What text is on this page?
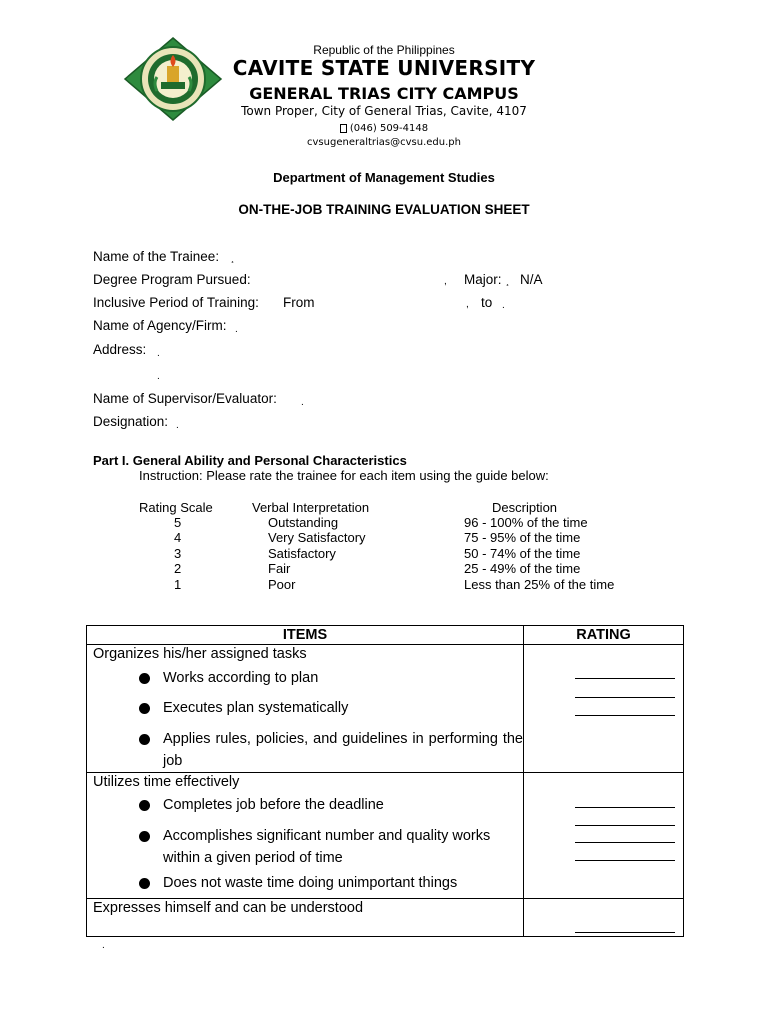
Republic of the Philippines
CAVITE STATE UNIVERSITY
GENERAL TRIAS CITY CAMPUS
Town Proper, City of General Trias, Cavite, 4107
(046) 509-4148
cvsugeneraltrias@cvsu.edu.ph
Department of Management Studies
ON-THE-JOB TRAINING EVALUATION SHEET
Name of the Trainee: ¸
Degree Program Pursued:	, Major: ¸ N/A
Inclusive Period of Training: From	, to .
Name of Agency/Firm: .
Address: .
.
Name of Supervisor/Evaluator: .
Designation: .
Part I. General Ability and Personal Characteristics
Instruction: Please rate the trainee for each item using the guide below:
Rating Scale	Verbal Interpretation	Description
5	Outstanding	96 - 100% of the time
4	Very Satisfactory	75 - 95% of the time
3	Satisfactory	50 - 74% of the time
2	Fair	25 - 49% of the time
1	Poor	Less than 25% of the time
ITEMS	RATING

Organizes his/her assigned tasks
Works according to plan
Executes plan systematically
Applies rules, policies, and guidelines in performing the job	

Utilizes time effectively
Completes job before the deadline
Accomplishes significant number and quality works within a given period of time
Does not waste time doing unimportant things	

Expresses himself and can be understood	

.
